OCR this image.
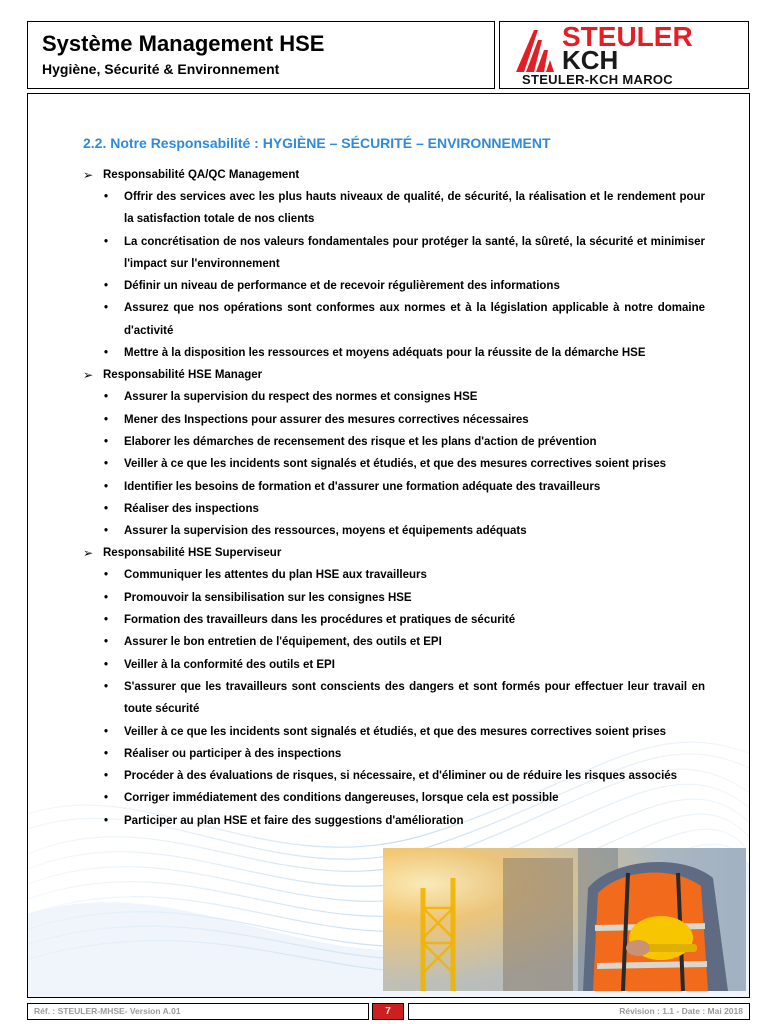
Système Management HSE
Hygiène, Sécurité & Environnement
STEULER
KCH
STEULER-KCH MAROC
2.2. Notre Responsabilité : HYGIÈNE – SÉCURITÉ – ENVIRONNEMENT
➢ Responsabilité QA/QC Management
• Offrir des services avec les plus hauts niveaux de qualité, de sécurité, la réalisation et le rendement pour la satisfaction totale de nos clients
• La concrétisation de nos valeurs fondamentales pour protéger la santé, la sûreté, la sécurité et minimiser l'impact sur l'environnement
• Définir un niveau de performance et de recevoir régulièrement des informations
• Assurez que nos opérations sont conformes aux normes et à la législation applicable à notre domaine d'activité
• Mettre à la disposition les ressources et moyens adéquats pour la réussite de la démarche HSE
➢ Responsabilité HSE Manager
• Assurer la supervision du respect des normes et consignes HSE
• Mener des Inspections pour assurer des mesures correctives nécessaires
• Elaborer les démarches de recensement des risque et les plans d'action de prévention
• Veiller à ce que les incidents sont signalés et étudiés, et que des mesures correctives soient prises
• Identifier les besoins de formation et d'assurer une formation adéquate des travailleurs
• Réaliser des inspections
• Assurer la supervision des ressources, moyens et équipements adéquats
➢ Responsabilité HSE Superviseur
• Communiquer les attentes du plan HSE aux travailleurs
• Promouvoir la sensibilisation sur les consignes HSE
• Formation des travailleurs dans les procédures et pratiques de sécurité
• Assurer le bon entretien de l'équipement, des outils et EPI
• Veiller à la conformité des outils et EPI
• S'assurer que les travailleurs sont conscients des dangers et sont formés pour effectuer leur travail en toute sécurité
• Veiller à ce que les incidents sont signalés et étudiés, et que des mesures correctives soient prises
• Réaliser ou participer à des inspections
• Procéder à des évaluations de risques, si nécessaire, et d'éliminer ou de réduire les risques associés
• Corriger immédiatement des conditions dangereuses, lorsque cela est possible
• Participer au plan HSE et faire des suggestions d'amélioration
Réf. : STEULER-MHSE- Version A.01	7	Révision : 1.1 - Date : Mai 2018
